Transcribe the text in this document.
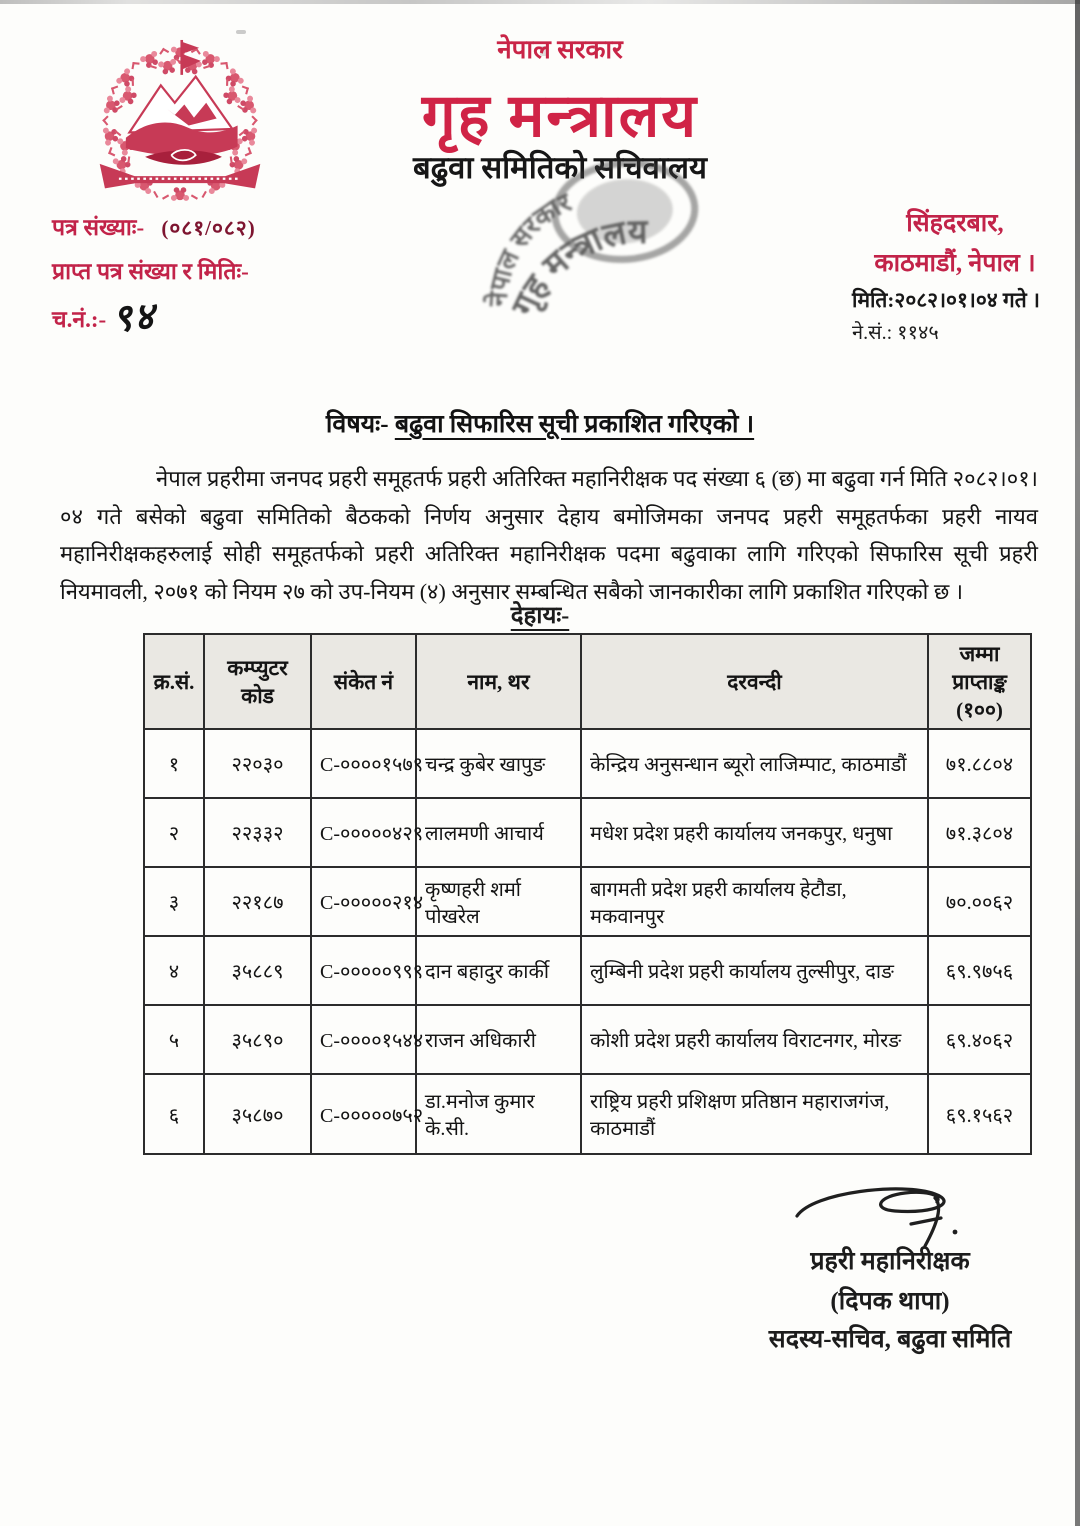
नेपाल सरकार
गृह मन्त्रालय
बढुवा समितिको सचिवालय
नेपाल सरकार
गृह मन्त्रालय
पत्र संख्याः- (०८१/०८२)
प्राप्त पत्र संख्या र मितिः-
च.नं.:- ९४
सिंहदरबार,
काठमाडौं, नेपाल ।
मिति:२०८२।०१।०४ गते ।
ने.सं.: ११४५
विषयः- बढुवा सिफारिस सूची प्रकाशित गरिएको ।
नेपाल प्रहरीमा जनपद प्रहरी समूहतर्फ प्रहरी अतिरिक्त महानिरीक्षक पद संख्या ६ (छ) मा बढुवा गर्न मिति २०८२।०१।०४ गते बसेको बढुवा समितिको बैठकको निर्णय अनुसार देहाय बमोजिमका जनपद प्रहरी समूहतर्फका प्रहरी नायव महानिरीक्षकहरुलाई सोही समूहतर्फको प्रहरी अतिरिक्त महानिरीक्षक पदमा बढुवाका लागि गरिएको सिफारिस सूची प्रहरी नियमावली, २०७१ को नियम २७ को उप-नियम (४) अनुसार सम्बन्धित सबैको जानकारीका लागि प्रकाशित गरिएको छ ।
देहायः-
क्र.सं.	कम्प्युटर कोड	संकेत नं	नाम, थर	दरवन्दी	जम्मा प्राप्ताङ्क (१००)
१	२२०३०	C-००००१५७९	चन्द्र कुबेर खापुङ	केन्द्रिय अनुसन्धान ब्यूरो लाजिम्पाट, काठमाडौं	७१.८८०४
२	२२३३२	C-०००००४२९	लालमणी आचार्य	मधेश प्रदेश प्रहरी कार्यालय जनकपुर, धनुषा	७१.३८०४
३	२२१८७	C-०००००२१४	कृष्णहरी शर्मा पोखरेल	बागमती प्रदेश प्रहरी कार्यालय हेटौडा, मकवानपुर	७०.००६२
४	३५८८९	C-०००००९९९	दान बहादुर कार्की	लुम्बिनी प्रदेश प्रहरी कार्यालय तुल्सीपुर, दाङ	६९.९७५६
५	३५८९०	C-००००१५४४	राजन अधिकारी	कोशी प्रदेश प्रहरी कार्यालय विराटनगर, मोरङ	६९.४०६२
६	३५८७०	C-०००००७५२	डा.मनोज कुमार के.सी.	राष्ट्रिय प्रहरी प्रशिक्षण प्रतिष्ठान महाराजगंज, काठमाडौं	६९.१५६२
प्रहरी महानिरीक्षक
(दिपक थापा)
सदस्य-सचिव, बढुवा समिति
